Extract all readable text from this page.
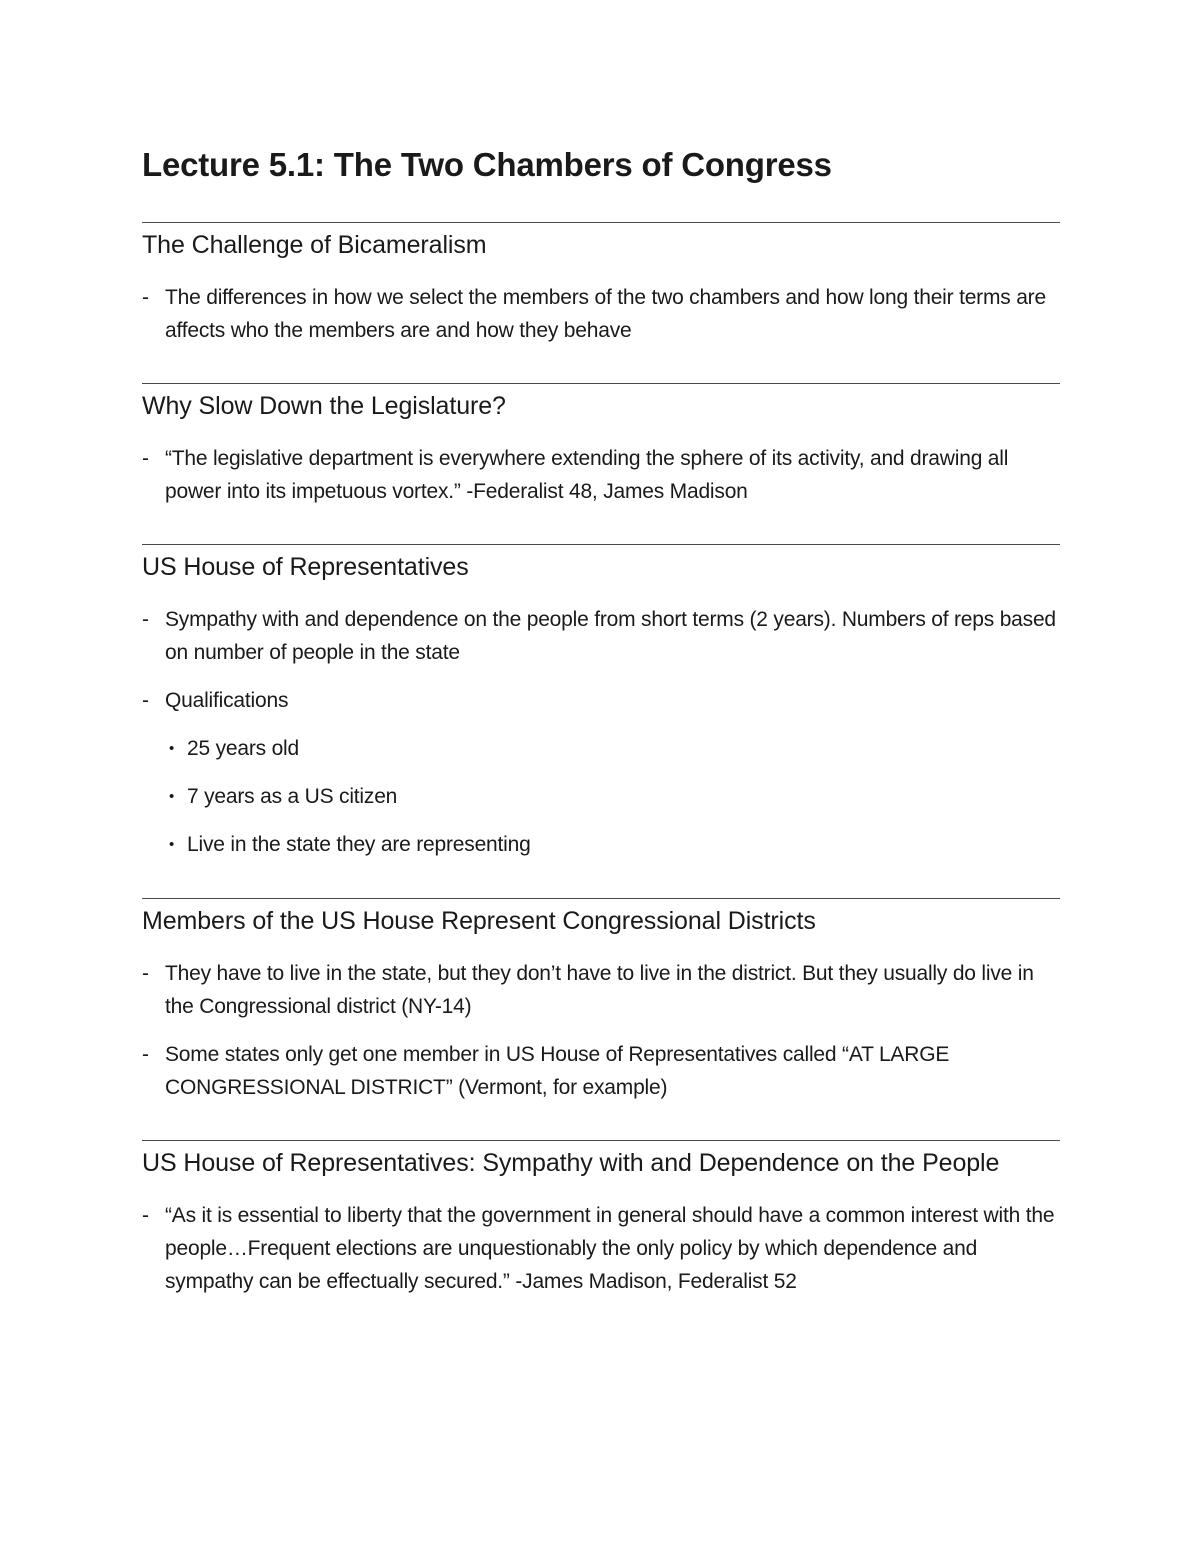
Lecture 5.1: The Two Chambers of Congress
The Challenge of Bicameralism
- The differences in how we select the members of the two chambers and how long their terms are affects who the members are and how they behave
Why Slow Down the Legislature?
- “The legislative department is everywhere extending the sphere of its activity, and drawing all power into its impetuous vortex.” -Federalist 48, James Madison
US House of Representatives
- Sympathy with and dependence on the people from short terms (2 years). Numbers of reps based on number of people in the state
- Qualifications
• 25 years old
• 7 years as a US citizen
• Live in the state they are representing
Members of the US House Represent Congressional Districts
- They have to live in the state, but they don’t have to live in the district. But they usually do live in the Congressional district (NY-14)
- Some states only get one member in US House of Representatives called “AT LARGE CONGRESSIONAL DISTRICT” (Vermont, for example)
US House of Representatives: Sympathy with and Dependence on the People
- “As it is essential to liberty that the government in general should have a common interest with the people…Frequent elections are unquestionably the only policy by which dependence and sympathy can be effectually secured.” -James Madison, Federalist 52
